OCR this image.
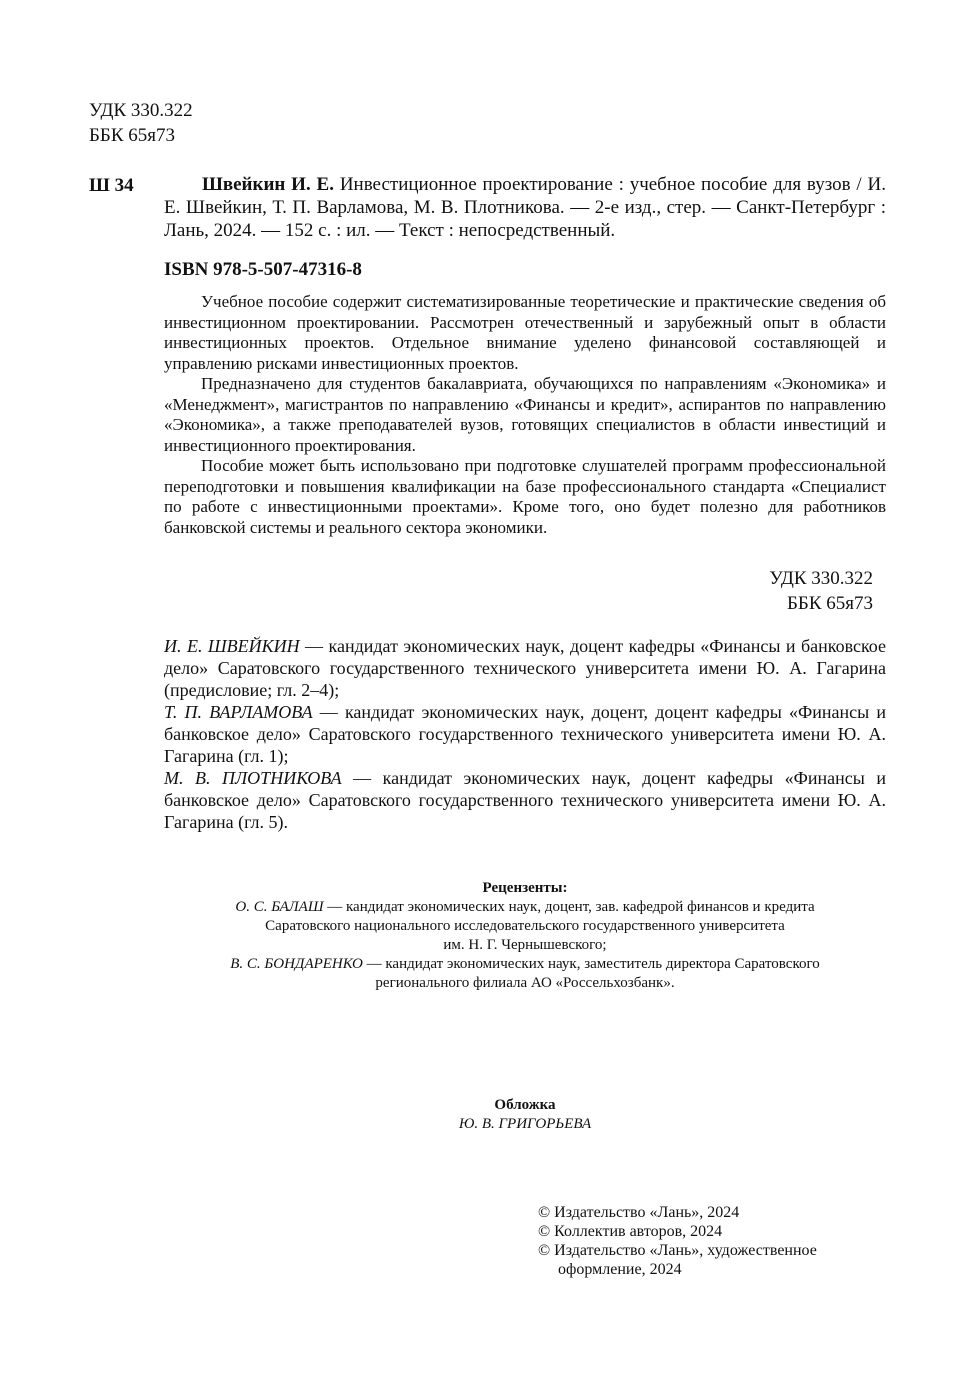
УДК 330.322
ББК 65я73
Ш 34	Швейкин И. Е. Инвестиционное проектирование : учебное пособие для вузов / И. Е. Швейкин, Т. П. Варламова, М. В. Плотникова. — 2-е изд., стер. — Санкт-Петербург : Лань, 2024. — 152 с. : ил. — Текст : непосредственный.
ISBN 978-5-507-47316-8

Учебное пособие содержит систематизированные теоретические и практические сведения об инвестиционном проектировании. Рассмотрен отечественный и зарубежный опыт в области инвестиционных проектов. Отдельное внимание уделено финансовой составляющей и управлению рисками инвестиционных проектов.

Предназначено для студентов бакалавриата, обучающихся по направлениям «Экономика» и «Менеджмент», магистрантов по направлению «Финансы и кредит», аспирантов по направлению «Экономика», а также преподавателей вузов, готовящих специалистов в области инвестиций и инвестиционного проектирования.

Пособие может быть использовано при подготовке слушателей программ профессиональной переподготовки и повышения квалификации на базе профессионального стандарта «Специалист по работе с инвестиционными проектами». Кроме того, оно будет полезно для работников банковской системы и реального сектора экономики.

УДК 330.322
ББК 65я73

И. Е. ШВЕЙКИН — кандидат экономических наук, доцент кафедры «Финансы и банковское дело» Саратовского государственного технического университета имени Ю. А. Гагарина (предисловие; гл. 2–4);

Т. П. ВАРЛАМОВА — кандидат экономических наук, доцент, доцент кафедры «Финансы и банковское дело» Саратовского государственного технического университета имени Ю. А. Гагарина (гл. 1);

М. В. ПЛОТНИКОВА — кандидат экономических наук, доцент кафедры «Финансы и банковское дело» Саратовского государственного технического университета имени Ю. А. Гагарина (гл. 5).

Рецензенты:
О. С. БАЛАШ — кандидат экономических наук, доцент, зав. кафедрой финансов и кредита
Саратовского национального исследовательского государственного университета
им. Н. Г. Чернышевского;
В. С. БОНДАРЕНКО — кандидат экономических наук, заместитель директора Саратовского
регионального филиала АО «Россельхозбанк».
Обложка
Ю. В. ГРИГОРЬЕВА
© Издательство «Лань», 2024
© Коллектив авторов, 2024
© Издательство «Лань», художественное
оформление, 2024
